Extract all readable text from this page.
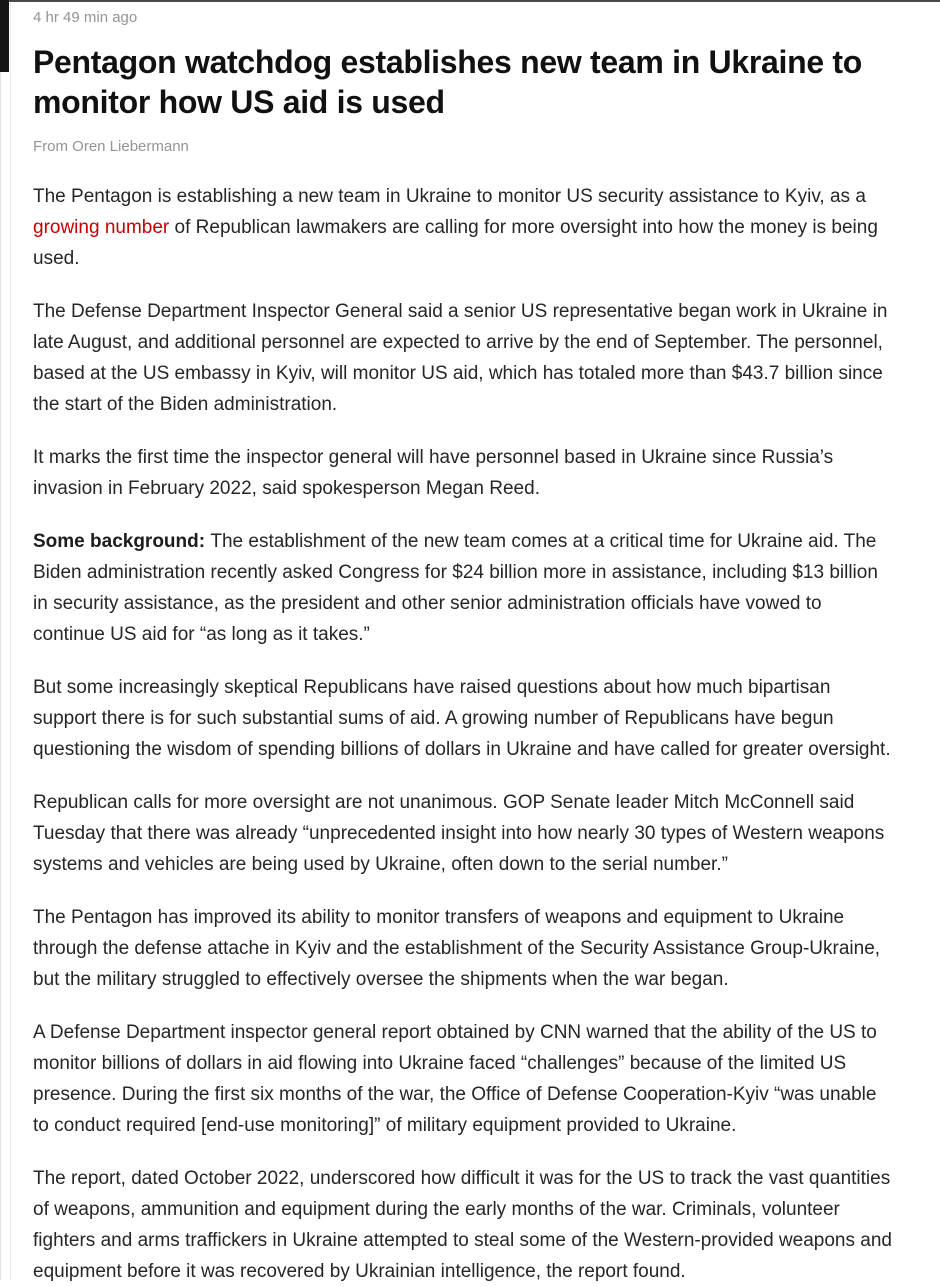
4 hr 49 min ago
Pentagon watchdog establishes new team in Ukraine to monitor how US aid is used
From Oren Liebermann

The Pentagon is establishing a new team in Ukraine to monitor US security assistance to Kyiv, as a growing number of Republican lawmakers are calling for more oversight into how the money is being used.

The Defense Department Inspector General said a senior US representative began work in Ukraine in late August, and additional personnel are expected to arrive by the end of September. The personnel, based at the US embassy in Kyiv, will monitor US aid, which has totaled more than $43.7 billion since the start of the Biden administration.

It marks the first time the inspector general will have personnel based in Ukraine since Russia’s invasion in February 2022, said spokesperson Megan Reed.

Some background: The establishment of the new team comes at a critical time for Ukraine aid. The Biden administration recently asked Congress for $24 billion more in assistance, including $13 billion in security assistance, as the president and other senior administration officials have vowed to continue US aid for “as long as it takes.”

But some increasingly skeptical Republicans have raised questions about how much bipartisan support there is for such substantial sums of aid. A growing number of Republicans have begun questioning the wisdom of spending billions of dollars in Ukraine and have called for greater oversight.

Republican calls for more oversight are not unanimous. GOP Senate leader Mitch McConnell said Tuesday that there was already “unprecedented insight into how nearly 30 types of Western weapons systems and vehicles are being used by Ukraine, often down to the serial number.”

The Pentagon has improved its ability to monitor transfers of weapons and equipment to Ukraine through the defense attache in Kyiv and the establishment of the Security Assistance Group-Ukraine, but the military struggled to effectively oversee the shipments when the war began.

A Defense Department inspector general report obtained by CNN warned that the ability of the US to monitor billions of dollars in aid flowing into Ukraine faced “challenges” because of the limited US presence. During the first six months of the war, the Office of Defense Cooperation-Kyiv “was unable to conduct required [end-use monitoring]” of military equipment provided to Ukraine.

The report, dated October 2022, underscored how difficult it was for the US to track the vast quantities of weapons, ammunition and equipment during the early months of the war. Criminals, volunteer fighters and arms traffickers in Ukraine attempted to steal some of the Western-provided weapons and equipment before it was recovered by Ukrainian intelligence, the report found.
